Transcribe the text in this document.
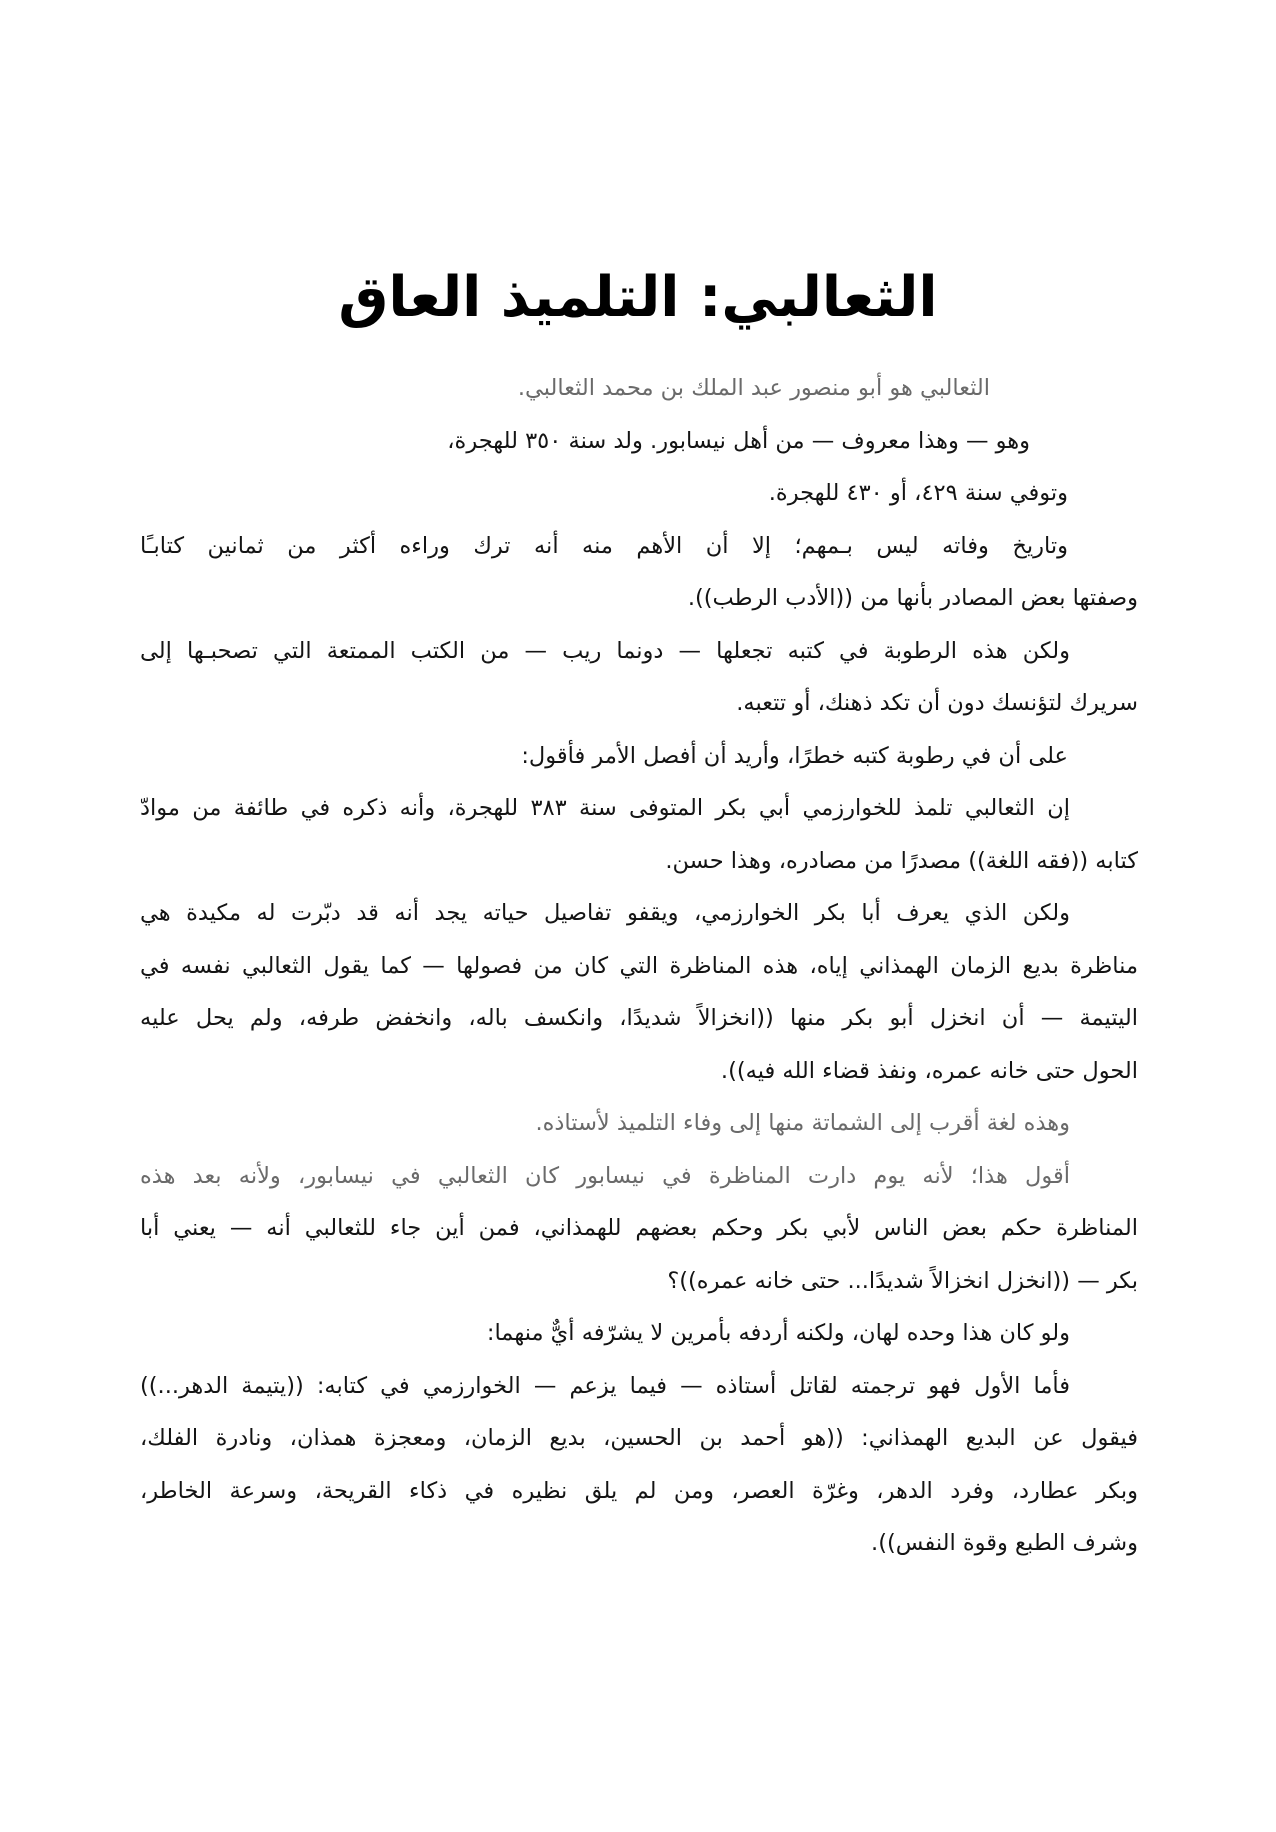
الثعالبي: التلميذ العاق
الثعالبي هو أبو منصور عبد الملك بن محمد الثعالبي.
وهو — وهذا معروف — من أهل نيسابور. ولد سنة ٣٥٠ للهجرة،
وتوفي سنة ٤٢٩، أو ٤٣٠ للهجرة.
وتاريخ وفاته ليس بـمهم؛ إلا أن الأهم منه أنه ترك وراءه أكثر من ثمانين كتابـًا
وصفتها بعض المصادر بأنها من ((الأدب الرطب)).
ولكن هذه الرطوبة في كتبه تجعلها — دونما ريب — من الكتب الممتعة التي تصحبـها إلى
سريرك لتؤنسك دون أن تكد ذهنك، أو تتعبه.
على أن في رطوبة كتبه خطرًا، وأريد أن أفصل الأمر فأقول:
إن الثعالبي تلمذ للخوارزمي أبي بكر المتوفى سنة ٣٨٣ للهجرة، وأنه ذكره في طائفة من موادّ
كتابه ((فقه اللغة)) مصدرًا من مصادره، وهذا حسن.
ولكن الذي يعرف أبا بكر الخوارزمي، ويقفو تفاصيل حياته يجد أنه قد دبّرت له مكيدة هي
مناظرة بديع الزمان الهمذاني إياه، هذه المناظرة التي كان من فصولها — كما يقول الثعالبي نفسه في
اليتيمة — أن انخزل أبو بكر منها ((انخزالاً شديدًا، وانكسف باله، وانخفض طرفه، ولم يحل عليه
الحول حتى خانه عمره، ونفذ قضاء الله فيه)).
وهذه لغة أقرب إلى الشماتة منها إلى وفاء التلميذ لأستاذه.
أقول هذا؛ لأنه يوم دارت المناظرة في نيسابور كان الثعالبي في نيسابور، ولأنه بعد هذه
المناظرة حكم بعض الناس لأبي بكر وحكم بعضهم للهمذاني، فمن أين جاء للثعالبي أنه — يعني أبا
بكر — ((انخزل انخزالاً شديدًا... حتى خانه عمره))؟
ولو كان هذا وحده لهان، ولكنه أردفه بأمرين لا يشرّفه أيٌّ منهما:
فأما الأول فهو ترجمته لقاتل أستاذه — فيما يزعم — الخوارزمي في كتابه: ((يتيمة الدهر...))
فيقول عن البديع الهمذاني: ((هو أحمد بن الحسين، بديع الزمان، ومعجزة همذان، ونادرة الفلك،
وبكر عطارد، وفرد الدهر، وغرّة العصر، ومن لم يلق نظيره في ذكاء القريحة، وسرعة الخاطر،
وشرف الطبع وقوة النفس)).
